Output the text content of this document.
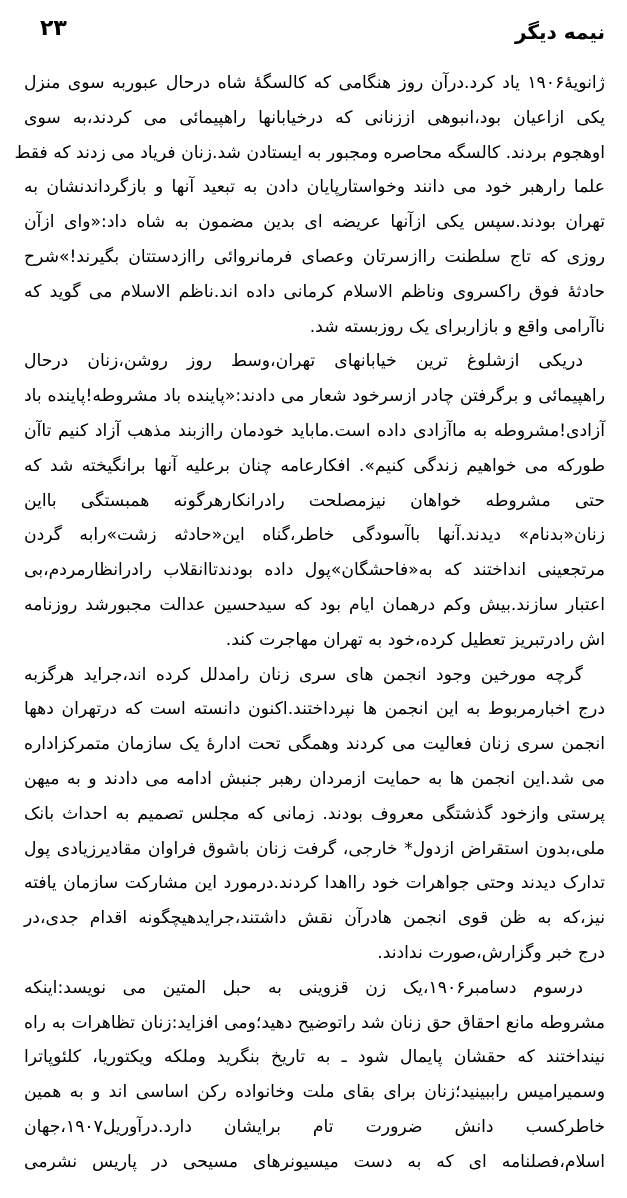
۲۳	نیمه دیگر
ژانویهٔ۱۹۰۶ یاد کرد.درآن روز هنگامی که کالسگهٔ شاه درحال عبوربه سوی منزل
یکی ازاعیان بود،انبوهی اززنانی که درخیابانها راهپیمائی می کردند،به سوی
اوهجوم بردند. کالسگه محاصره ومجبور به ایستادن شد.زنان فریاد می زدند که فقط
علما رارهبر خود می دانند وخواستارپایان دادن به تبعید آنها و بازگرداندنشان به
تهران بودند.سپس یکی ازآنها عریضه ای بدین مضمون به شاه داد:«وای ازآن
روزی که تاج سلطنت راازسرتان وعصای فرمانروائی راازدستتان بگیرند!»شرح
حادثهٔ فوق راکسروی وناظم الاسلام کرمانی داده اند.ناظم الاسلام می گوید که
ناآرامی واقع و بازاربرای یک روزبسته شد.
دریکی ازشلوغ ترین خیابانهای تهران،وسط روز روشن،زنان درحال
راهپیمائی و برگرفتن چادر ازسرخود شعار می دادند:«پاینده باد مشروطه!پاینده باد
آزادی!مشروطه به ماآزادی داده است.ماباید خودمان راازبند مذهب آزاد کنیم تاآن
طورکه می خواهیم زندگی کنیم». افکارعامه چنان برعلیه آنها برانگیخته شد که
حتی مشروطه خواهان نیزمصلحت رادرانکارهرگونه همبستگی بااین
زنان«بدنام» دیدند.آنها باآسودگی خاطر،گناه این«حادثه زشت»رابه گردن
مرتجعینی انداختند که به«فاحشگان»پول داده بودندتاانقلاب رادرانظارمردم،بی
اعتبار سازند.بیش وکم درهمان ایام بود که سیدحسین عدالت مجبورشد روزنامه
اش رادرتبریز تعطیل کرده،خود به تهران مهاجرت کند.
گرچه مورخین وجود انجمن های سری زنان رامدلل کرده اند،جراید هرگزبه
درج اخبارمربوط به این انجمن ها نپرداختند.اکنون دانسته است که درتهران دهها
انجمن سری زنان فعالیت می کردند وهمگی تحت ادارهٔ یک سازمان متمرکزاداره
می شد.این انجمن ها به حمایت ازمردان رهبر جنبش ادامه می دادند و به میهن
پرستی وازخود گذشتگی معروف بودند. زمانی که مجلس تصمیم به احداث بانک
ملی،بدون استقراض ازدول* خارجی، گرفت زنان باشوق فراوان مقادیرزیادی پول
تدارک دیدند وحتی جواهرات خود رااهدا کردند.درمورد این مشارکت سازمان یافته
نیز،که به ظن قوی انجمن هادرآن نقش داشتند،جرایدهیچگونه اقدام جدی،در
درج خبر وگزارش،صورت ندادند.
درسوم دسامبر۱۹۰۶،یک زن قزوینی به حبل المتین می نویسد:اینکه
مشروطه مانع احقاق حق زنان شد راتوضیح دهید؛ومی افزاید:زنان تظاهرات به راه
نینداختند که حقشان پایمال شود ـ به تاریخ بنگرید وملکه ویکتوریا، کلئوپاترا
وسمیرامیس راببینید؛زنان برای بقای ملت وخانواده رکن اساسی اند و به همین
خاطرکسب دانش ضرورت تام برایشان دارد.درآوریل۱۹۰۷،جهان
اسلام،فصلنامه ای که به دست میسیونرهای مسیحی در پاریس نشرمی
